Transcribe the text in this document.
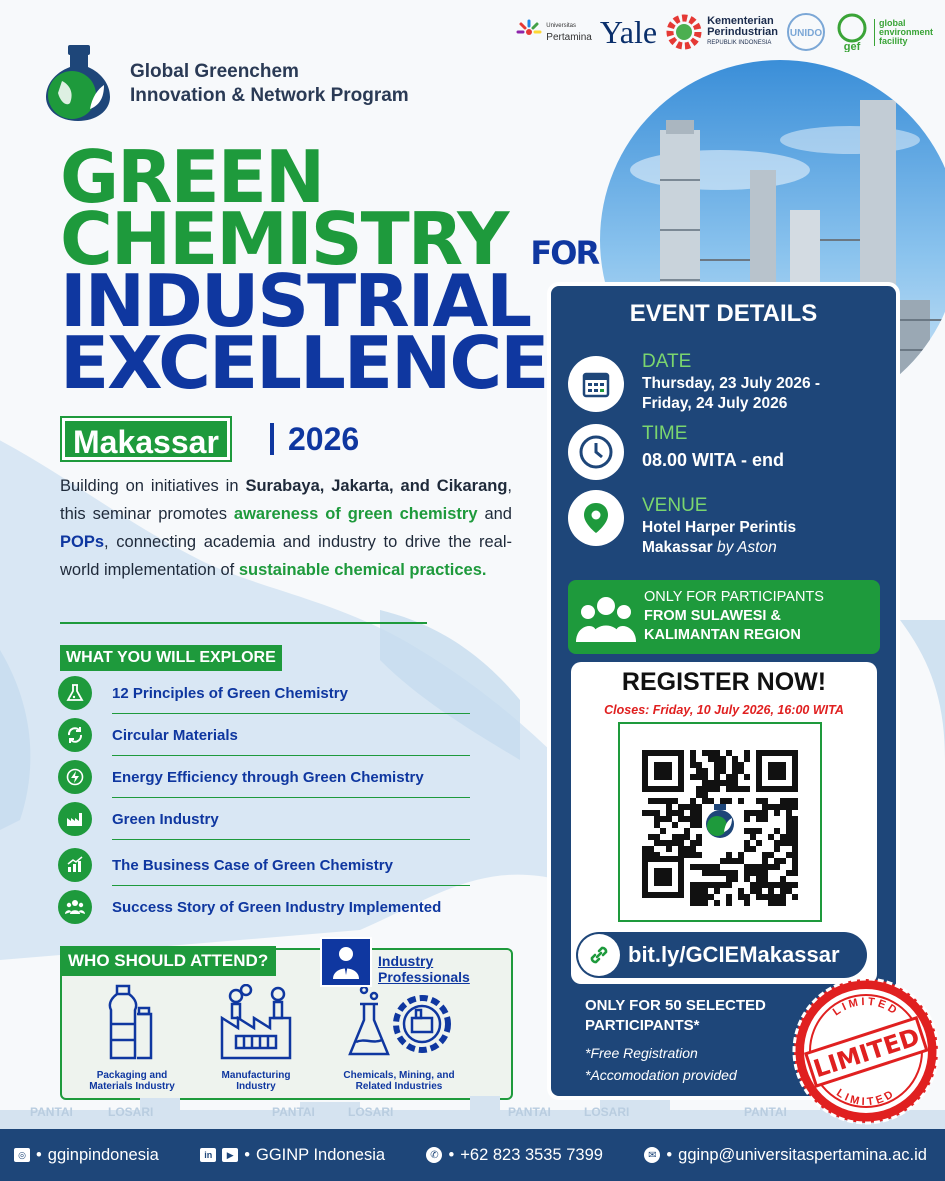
Universitas
Pertamina Yale	Kementerian
Perindustrian
REPUBLIK INDONESIA
UNIDO
gef
global
environment
facility
Global Greenchem
Innovation & Network Program
GREEN
CHEMISTRY FOR
INDUSTRIAL
EXCELLENCE
Makassar	2026
Building on initiatives in Surabaya, Jakarta, and Cikarang, this seminar promotes awareness of green chemistry and POPs, connecting academia and industry to drive the real-world implementation of sustainable chemical practices.
WHAT YOU WILL EXPLORE
12 Principles of Green Chemistry
Circular Materials
Energy Efficiency through Green Chemistry
Green Industry
The Business Case of Green Chemistry
Success Story of Green Industry Implemented
Packaging and
Materials Industry
Manufacturing
Industry
Chemicals, Mining, and
Related Industries
WHO SHOULD ATTEND?	Industry
Professionals
EVENT DETAILS
DATE
Thursday, 23 July 2026 -
Friday, 24 July 2026
TIME
08.00 WITA - end
VENUE
Hotel Harper Perintis
Makassar by Aston
ONLY FOR PARTICIPANTS
FROM SULAWESI &
KALIMANTAN REGION
REGISTER NOW!
Closes: Friday, 10 July 2026, 16:00 WITA
bit.ly/GCIEMakassar
ONLY FOR 50 SELECTED
PARTICIPANTS*
*Free Registration
*Accomodation provided
PANTAI	LOSARI	PANTAI	LOSARI	PANTAI	LOSARI	PANTAI
LIMITED
LIMITED
LIMITED
◎ • gginpindonesia	in	▶ • GGINP Indonesia	✆ • +62 823 3535 7399	✉ • gginp@universitaspertamina.ac.id
